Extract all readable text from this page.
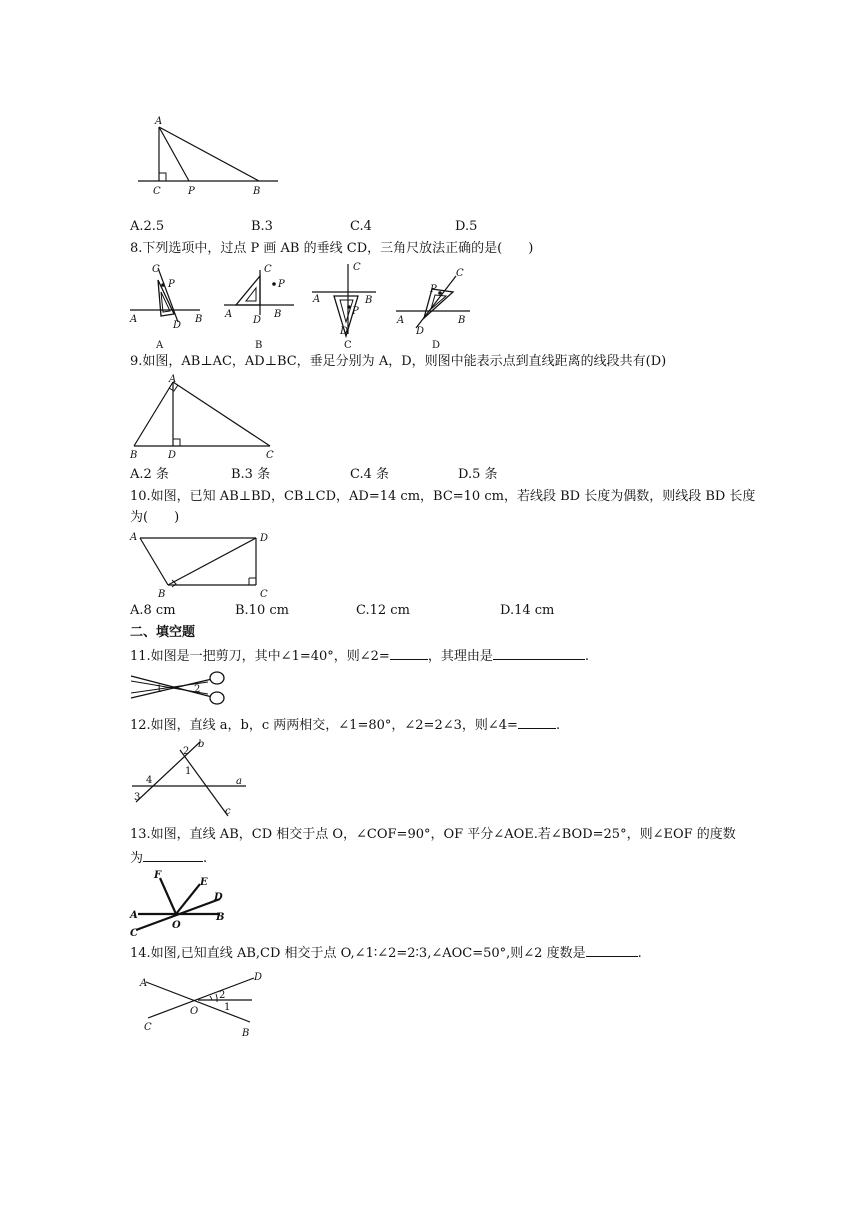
A
C	P	B
A.2.5	B.3	C.4	D.5
8.下列选项中，过点 P 画 AB 的垂线 CD，三角尺放法正确的是(　　)
C
P
A
D
B
A
C
P
A
D
B
B
C
A	B
P
D
C
C
P
A
D
B
D
9.如图，AB⊥AC，AD⊥BC，垂足分别为 A，D，则图中能表示点到直线距离的线段共有(D)
A
B	D	C
A.2 条	B.3 条	C.4 条	D.5 条
10.如图，已知 AB⊥BD，CB⊥CD，AD=14 cm，BC=10 cm，若线段 BD 长度为偶数，则线段 BD 长度
为(　　)
A	D
B	C
A.8 cm	B.10 cm	C.12 cm	D.14 cm
二、填空题
11.如图是一把剪刀，其中∠1=40°，则∠2=	，其理由是	.
1	2
12.如图，直线 a，b，c 两两相交，∠1=80°，∠2=2∠3，则∠4=	.
2
b
1
4
3
a
c
13.如图，直线 AB，CD 相交于点 O，∠COF=90°，OF 平分∠AOE.若∠BOD=25°，则∠EOF 的度数
为	.
F
E
D
A
O
B
C
14.如图,已知直线 AB,CD 相交于点 O,∠1∶∠2=2∶3,∠AOC=50°,则∠2 度数是	.
A
D
2
1
O
C
B
